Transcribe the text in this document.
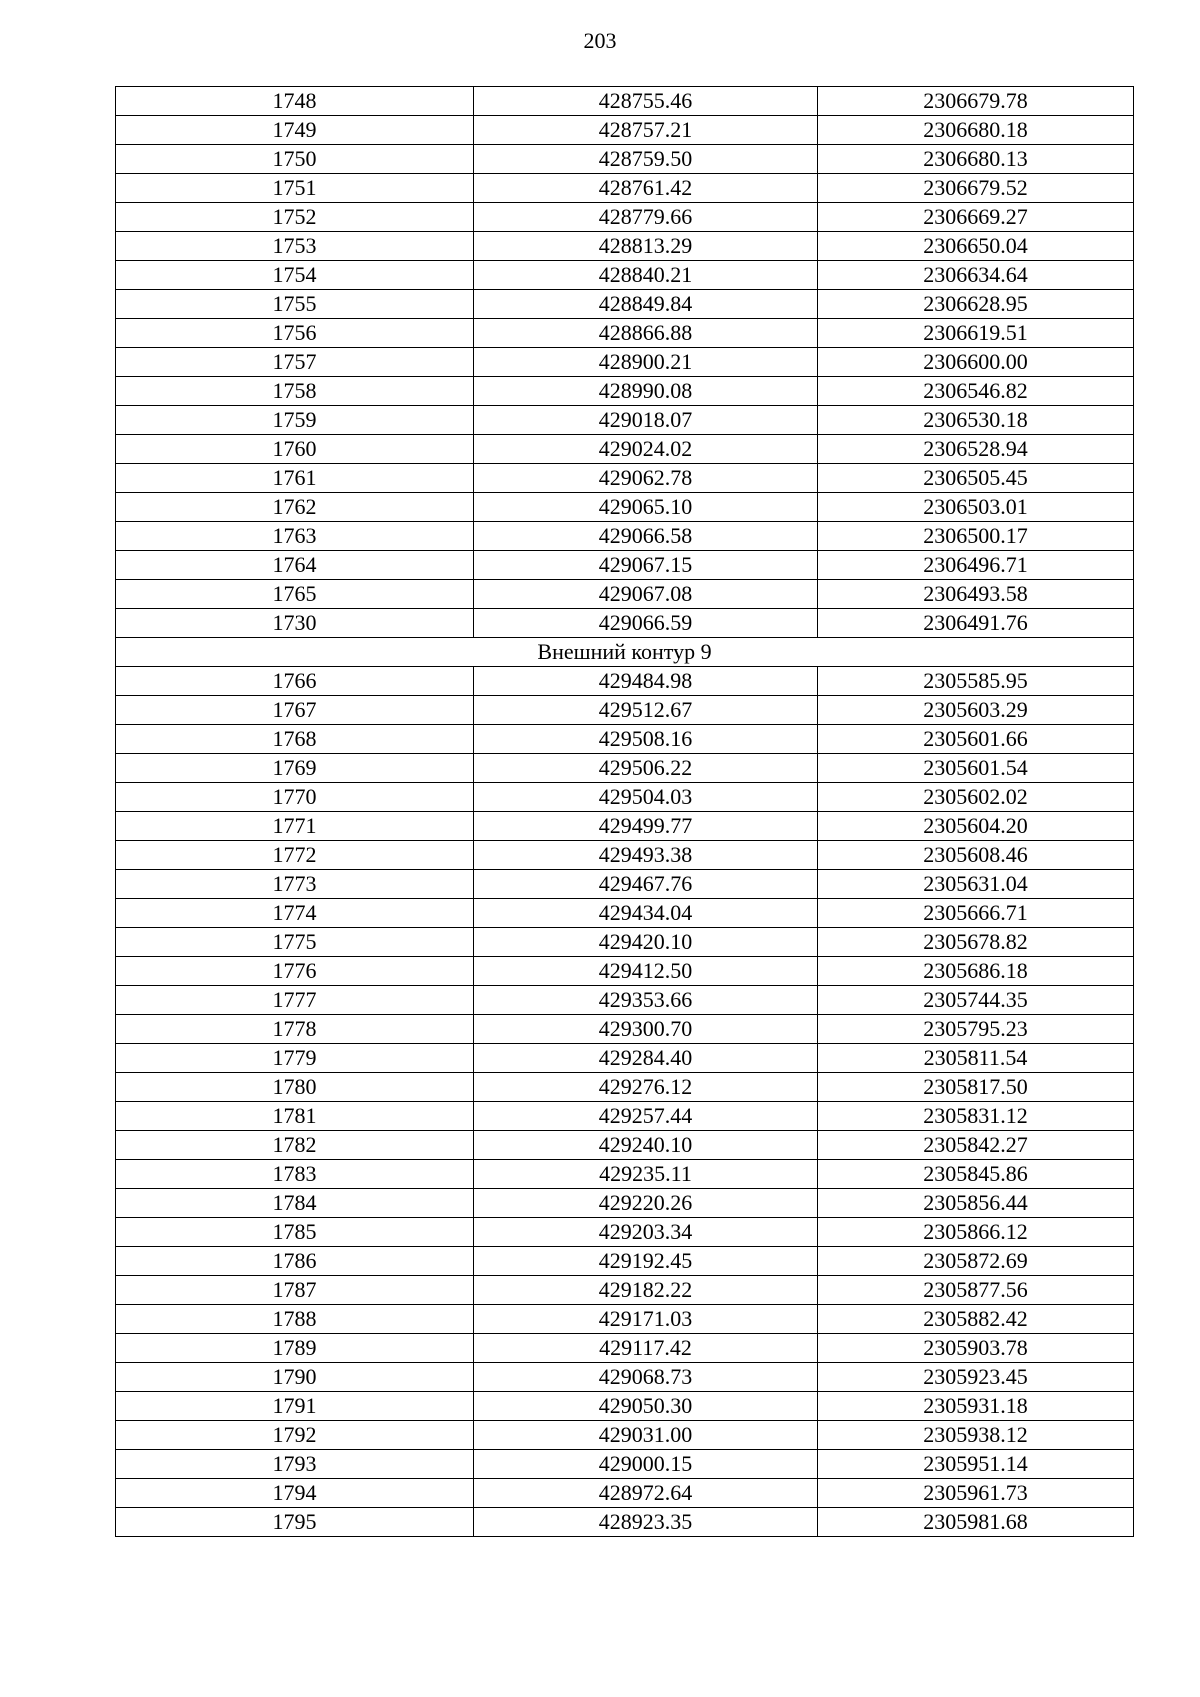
203
1748	428755.46	2306679.78
1749	428757.21	2306680.18
1750	428759.50	2306680.13
1751	428761.42	2306679.52
1752	428779.66	2306669.27
1753	428813.29	2306650.04
1754	428840.21	2306634.64
1755	428849.84	2306628.95
1756	428866.88	2306619.51
1757	428900.21	2306600.00
1758	428990.08	2306546.82
1759	429018.07	2306530.18
1760	429024.02	2306528.94
1761	429062.78	2306505.45
1762	429065.10	2306503.01
1763	429066.58	2306500.17
1764	429067.15	2306496.71
1765	429067.08	2306493.58
1730	429066.59	2306491.76
Внешний контур 9		
1766	429484.98	2305585.95
1767	429512.67	2305603.29
1768	429508.16	2305601.66
1769	429506.22	2305601.54
1770	429504.03	2305602.02
1771	429499.77	2305604.20
1772	429493.38	2305608.46
1773	429467.76	2305631.04
1774	429434.04	2305666.71
1775	429420.10	2305678.82
1776	429412.50	2305686.18
1777	429353.66	2305744.35
1778	429300.70	2305795.23
1779	429284.40	2305811.54
1780	429276.12	2305817.50
1781	429257.44	2305831.12
1782	429240.10	2305842.27
1783	429235.11	2305845.86
1784	429220.26	2305856.44
1785	429203.34	2305866.12
1786	429192.45	2305872.69
1787	429182.22	2305877.56
1788	429171.03	2305882.42
1789	429117.42	2305903.78
1790	429068.73	2305923.45
1791	429050.30	2305931.18
1792	429031.00	2305938.12
1793	429000.15	2305951.14
1794	428972.64	2305961.73
1795	428923.35	2305981.68
